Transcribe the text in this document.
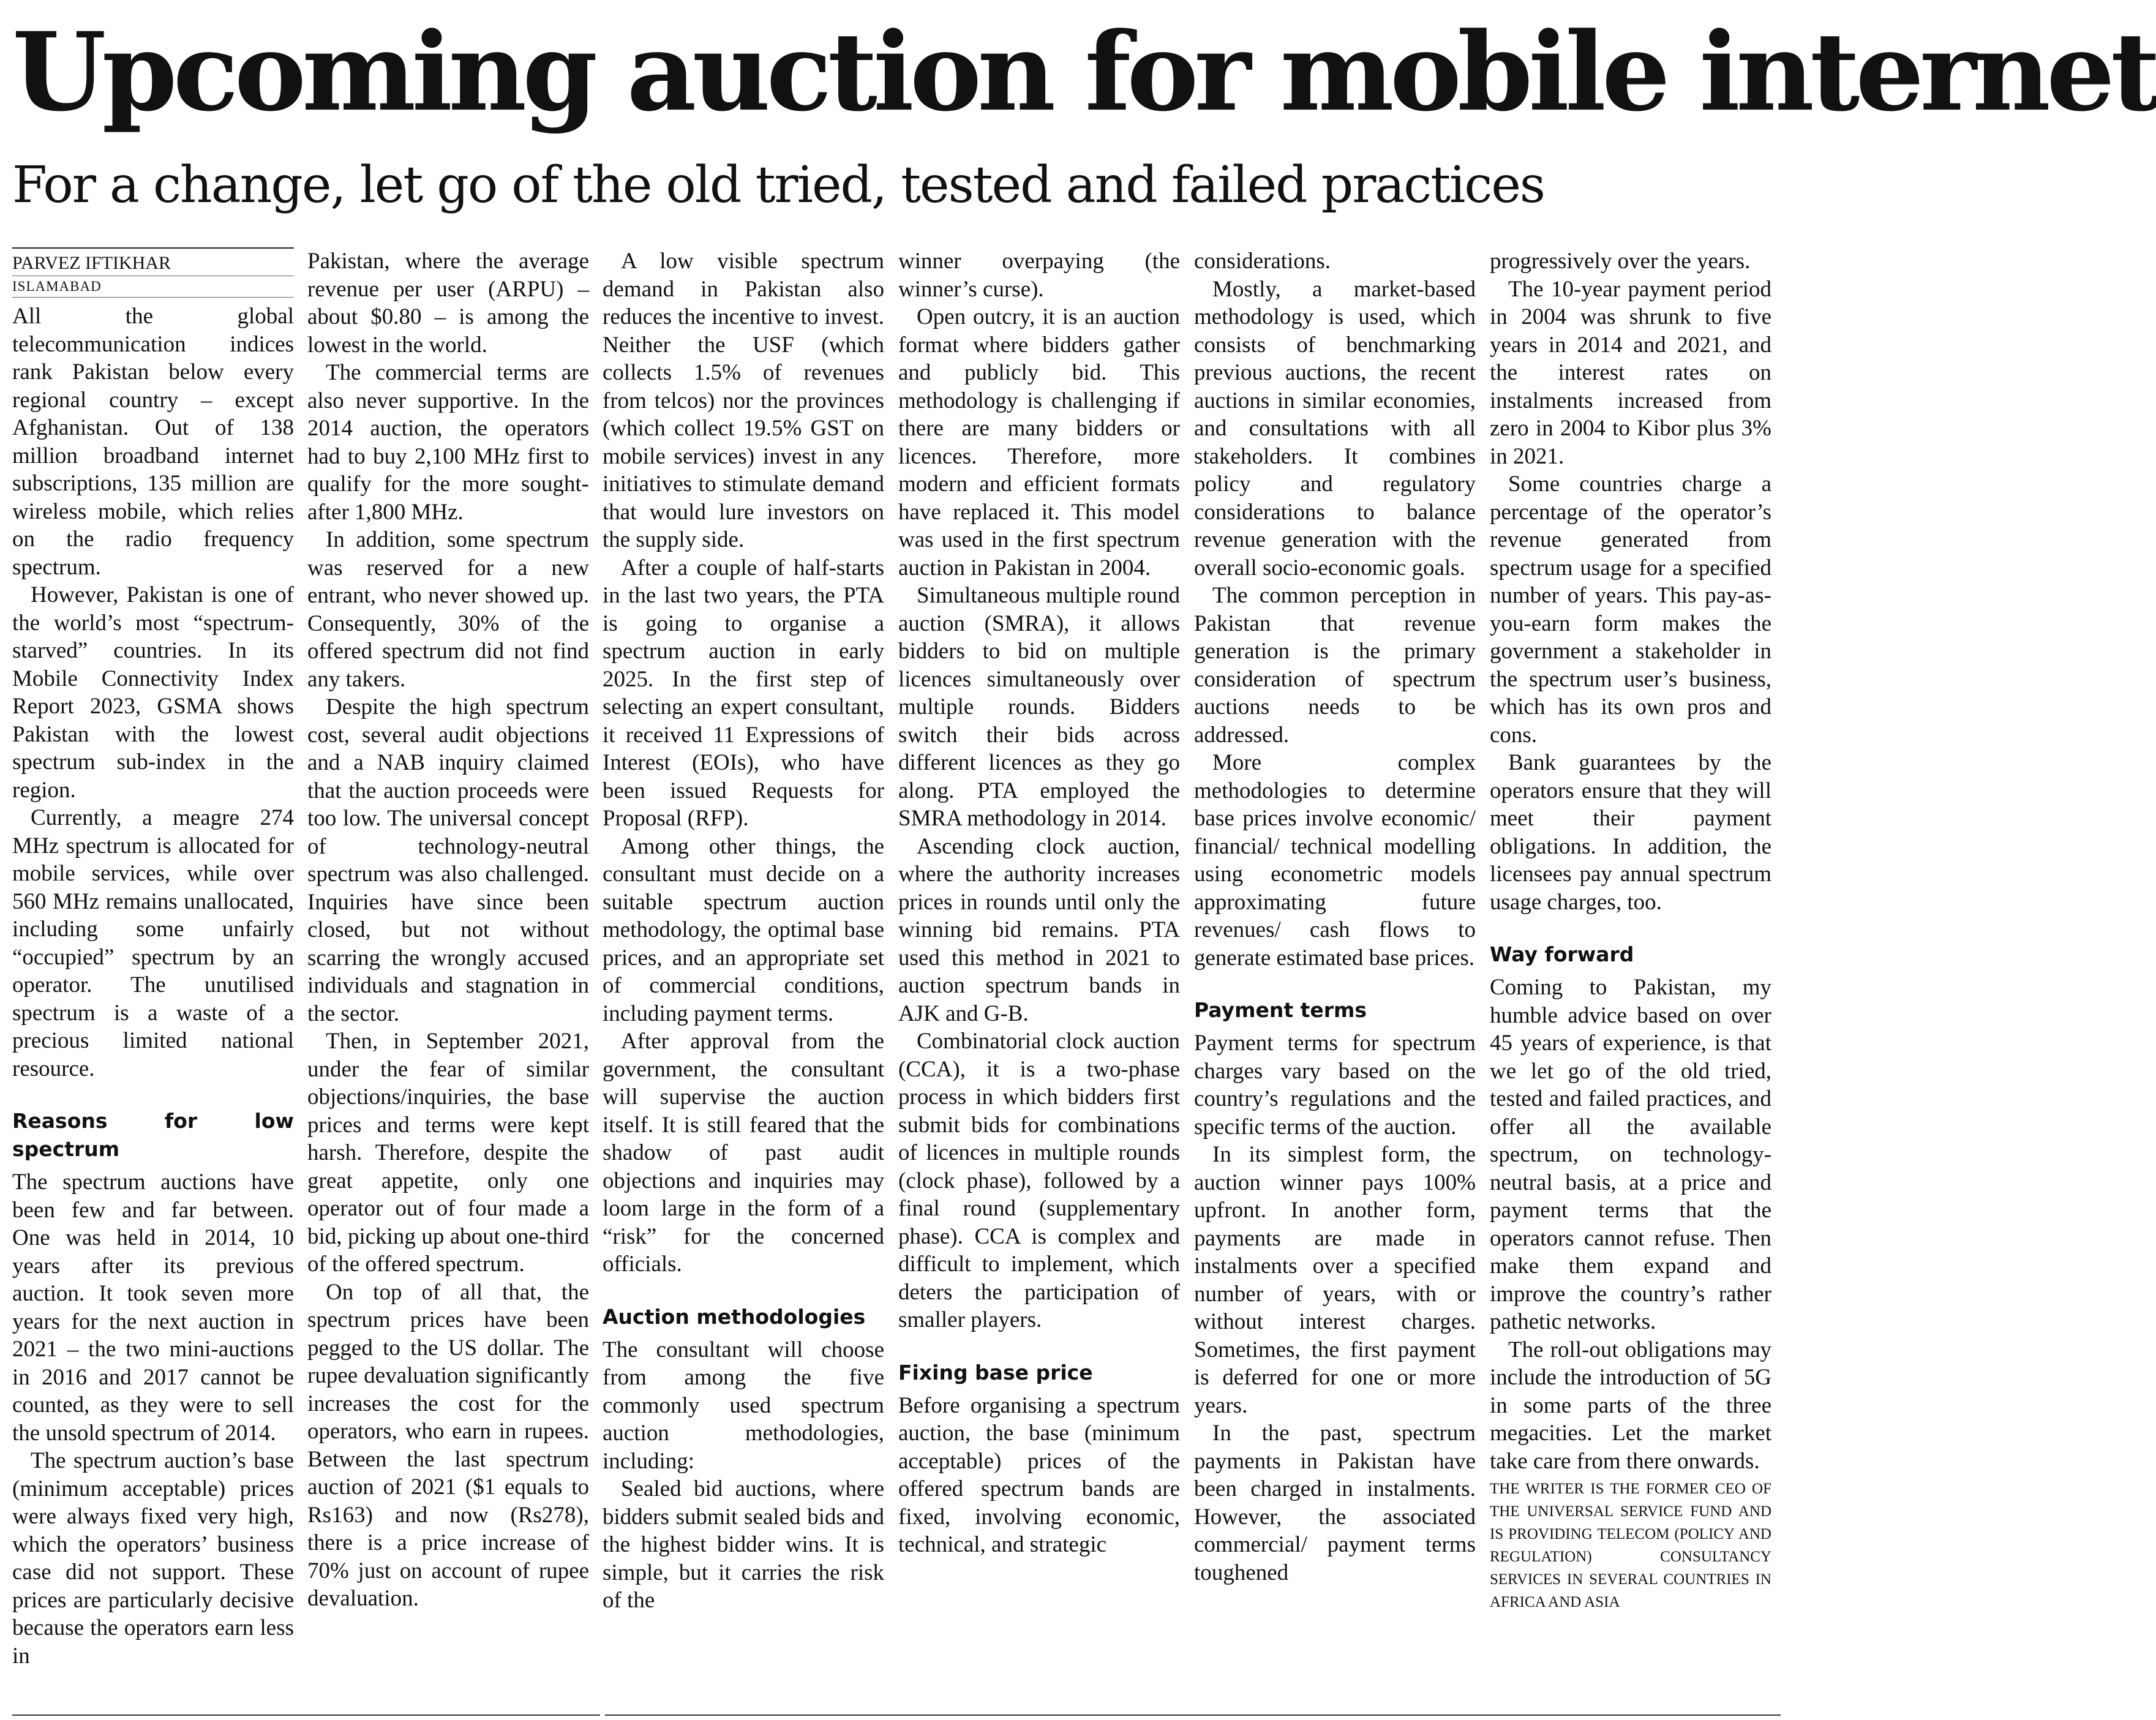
Upcoming auction for mobile internet
For a change, let go of the old tried, tested and failed practices
PARVEZ IFTIKHAR
ISLAMABAD

All the global telecommunication indices rank Pakistan below every regional country – except Afghanistan. Out of 138 million broadband internet subscriptions, 135 million are wireless mobile, which relies on the radio frequency spectrum.

However, Pakistan is one of the world’s most “spectrum-starved” countries. In its Mobile Connectivity Index Report 2023, GSMA shows Pakistan with the lowest spectrum sub-index in the region.

Currently, a meagre 274 MHz spectrum is allocated for mobile services, while over 560 MHz remains unallocated, including some unfairly “occupied” spectrum by an operator. The unutilised spectrum is a waste of a precious limited national resource.

Reasons for low spectrum

The spectrum auctions have been few and far between. One was held in 2014, 10 years after its previous auction. It took seven more years for the next auction in 2021 – the two mini-auctions in 2016 and 2017 cannot be counted, as they were to sell the unsold spectrum of 2014.

The spectrum auction’s base (minimum acceptable) prices were always fixed very high, which the operators’ business case did not support. These prices are particularly decisive because the operators earn less in

Pakistan, where the average revenue per user (ARPU) – about $0.80 – is among the lowest in the world.

The commercial terms are also never supportive. In the 2014 auction, the operators had to buy 2,100 MHz first to qualify for the more sought-after 1,800 MHz.

In addition, some spectrum was reserved for a new entrant, who never showed up. Consequently, 30% of the offered spectrum did not find any takers.

Despite the high spectrum cost, several audit objections and a NAB inquiry claimed that the auction proceeds were too low. The universal concept of technology-neutral spectrum was also challenged. Inquiries have since been closed, but not without scarring the wrongly accused individuals and stagnation in the sector.

Then, in September 2021, under the fear of similar objections/inquiries, the base prices and terms were kept harsh. Therefore, despite the great appetite, only one operator out of four made a bid, picking up about one-third of the offered spectrum.

On top of all that, the spectrum prices have been pegged to the US dollar. The rupee devaluation significantly increases the cost for the operators, who earn in rupees. Between the last spectrum auction of 2021 ($1 equals to Rs163) and now (Rs278), there is a price increase of 70% just on account of rupee devaluation.

A low visible spectrum demand in Pakistan also reduces the incentive to invest. Neither the USF (which collects 1.5% of revenues from telcos) nor the provinces (which collect 19.5% GST on mobile services) invest in any initiatives to stimulate demand that would lure investors on the supply side.

After a couple of half-starts in the last two years, the PTA is going to organise a spectrum auction in early 2025. In the first step of selecting an expert consultant, it received 11 Expressions of Interest (EOIs), who have been issued Requests for Proposal (RFP).

Among other things, the consultant must decide on a suitable spectrum auction methodology, the optimal base prices, and an appropriate set of commercial conditions, including payment terms.

After approval from the government, the consultant will supervise the auction itself. It is still feared that the shadow of past audit objections and inquiries may loom large in the form of a “risk” for the concerned officials.

Auction methodologies

The consultant will choose from among the five commonly used spectrum auction methodologies, including:

Sealed bid auctions, where bidders submit sealed bids and the highest bidder wins. It is simple, but it carries the risk of the

winner overpaying (the winner’s curse).

Open outcry, it is an auction format where bidders gather and publicly bid. This methodology is challenging if there are many bidders or licences. Therefore, more modern and efficient formats have replaced it. This model was used in the first spectrum auction in Pakistan in 2004.

Simultaneous multiple round auction (SMRA), it allows bidders to bid on multiple licences simultaneously over multiple rounds. Bidders switch their bids across different licences as they go along. PTA employed the SMRA methodology in 2014.

Ascending clock auction, where the authority increases prices in rounds until only the winning bid remains. PTA used this method in 2021 to auction spectrum bands in AJK and G-B.

Combinatorial clock auction (CCA), it is a two-phase process in which bidders first submit bids for combinations of licences in multiple rounds (clock phase), followed by a final round (supplementary phase). CCA is complex and difficult to implement, which deters the participation of smaller players.

Fixing base price

Before organising a spectrum auction, the base (minimum acceptable) prices of the offered spectrum bands are fixed, involving economic, technical, and strategic

considerations.

Mostly, a market-based methodology is used, which consists of benchmarking previous auctions, the recent auctions in similar economies, and consultations with all stakeholders. It combines policy and regulatory considerations to balance revenue generation with the overall socio-economic goals.

The common perception in Pakistan that revenue generation is the primary consideration of spectrum auctions needs to be addressed.

More complex methodologies to determine base prices involve economic/ financial/ technical modelling using econometric models approximating future revenues/ cash flows to generate estimated base prices.

Payment terms

Payment terms for spectrum charges vary based on the country’s regulations and the specific terms of the auction.

In its simplest form, the auction winner pays 100% upfront. In another form, payments are made in instalments over a specified number of years, with or without interest charges. Sometimes, the first payment is deferred for one or more years.

In the past, spectrum payments in Pakistan have been charged in instalments. However, the associated commercial/ payment terms toughened

progressively over the years.

The 10-year payment period in 2004 was shrunk to five years in 2014 and 2021, and the interest rates on instalments increased from zero in 2004 to Kibor plus 3% in 2021.

Some countries charge a percentage of the operator’s revenue generated from spectrum usage for a specified number of years. This pay-as-you-earn form makes the government a stakeholder in the spectrum user’s business, which has its own pros and cons.

Bank guarantees by the operators ensure that they will meet their payment obligations. In addition, the licensees pay annual spectrum usage charges, too.

Way forward

Coming to Pakistan, my humble advice based on over 45 years of experience, is that we let go of the old tried, tested and failed practices, and offer all the available spectrum, on technology-neutral basis, at a price and payment terms that the operators cannot refuse. Then make them expand and improve the country’s rather pathetic networks.

The roll-out obligations may include the introduction of 5G in some parts of the three megacities. Let the market take care from there onwards.

THE WRITER IS THE FORMER CEO OF THE UNIVERSAL SERVICE FUND AND IS PROVIDING TELECOM (POLICY AND REGULATION) CONSULTANCY SERVICES IN SEVERAL COUNTRIES IN AFRICA AND ASIA
